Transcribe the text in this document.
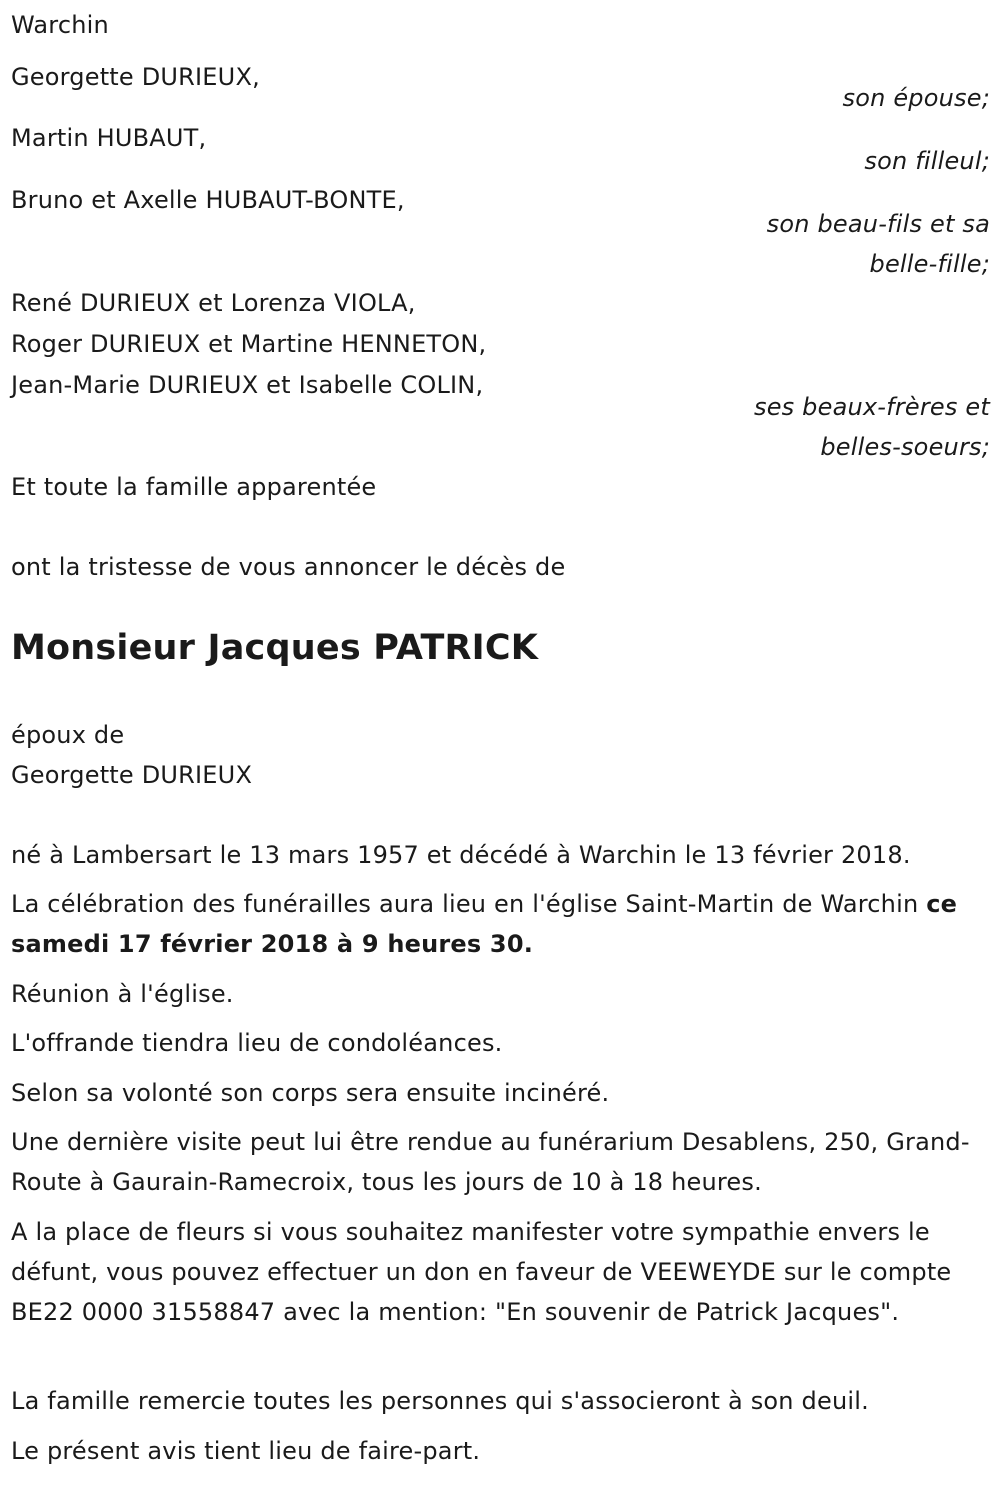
Warchin
Georgette DURIEUX,
son épouse;
Martin HUBAUT,
son filleul;
Bruno et Axelle HUBAUT-BONTE,
son beau-fils et sa
belle-fille;
René DURIEUX et Lorenza VIOLA,
Roger DURIEUX et Martine HENNETON,
Jean-Marie DURIEUX et Isabelle COLIN,
ses beaux-frères et
belles-soeurs;
Et toute la famille apparentée
ont la tristesse de vous annoncer le décès de
Monsieur Jacques PATRICK
époux de
Georgette DURIEUX
né à Lambersart le 13 mars 1957 et décédé à Warchin le 13 février 2018.
La célébration des funérailles aura lieu en l'église Saint-Martin de Warchin ce samedi 17 février 2018 à 9 heures 30.
Réunion à l'église.
L'offrande tiendra lieu de condoléances.
Selon sa volonté son corps sera ensuite incinéré.
Une dernière visite peut lui être rendue au funérarium Desablens, 250, Grand-Route à Gaurain-Ramecroix, tous les jours de 10 à 18 heures.
A la place de fleurs si vous souhaitez manifester votre sympathie envers le défunt, vous pouvez effectuer un don en faveur de VEEWEYDE sur le compte BE22 0000 31558847 avec la mention: "En souvenir de Patrick Jacques".
La famille remercie toutes les personnes qui s'associeront à son deuil.
Le présent avis tient lieu de faire-part.
